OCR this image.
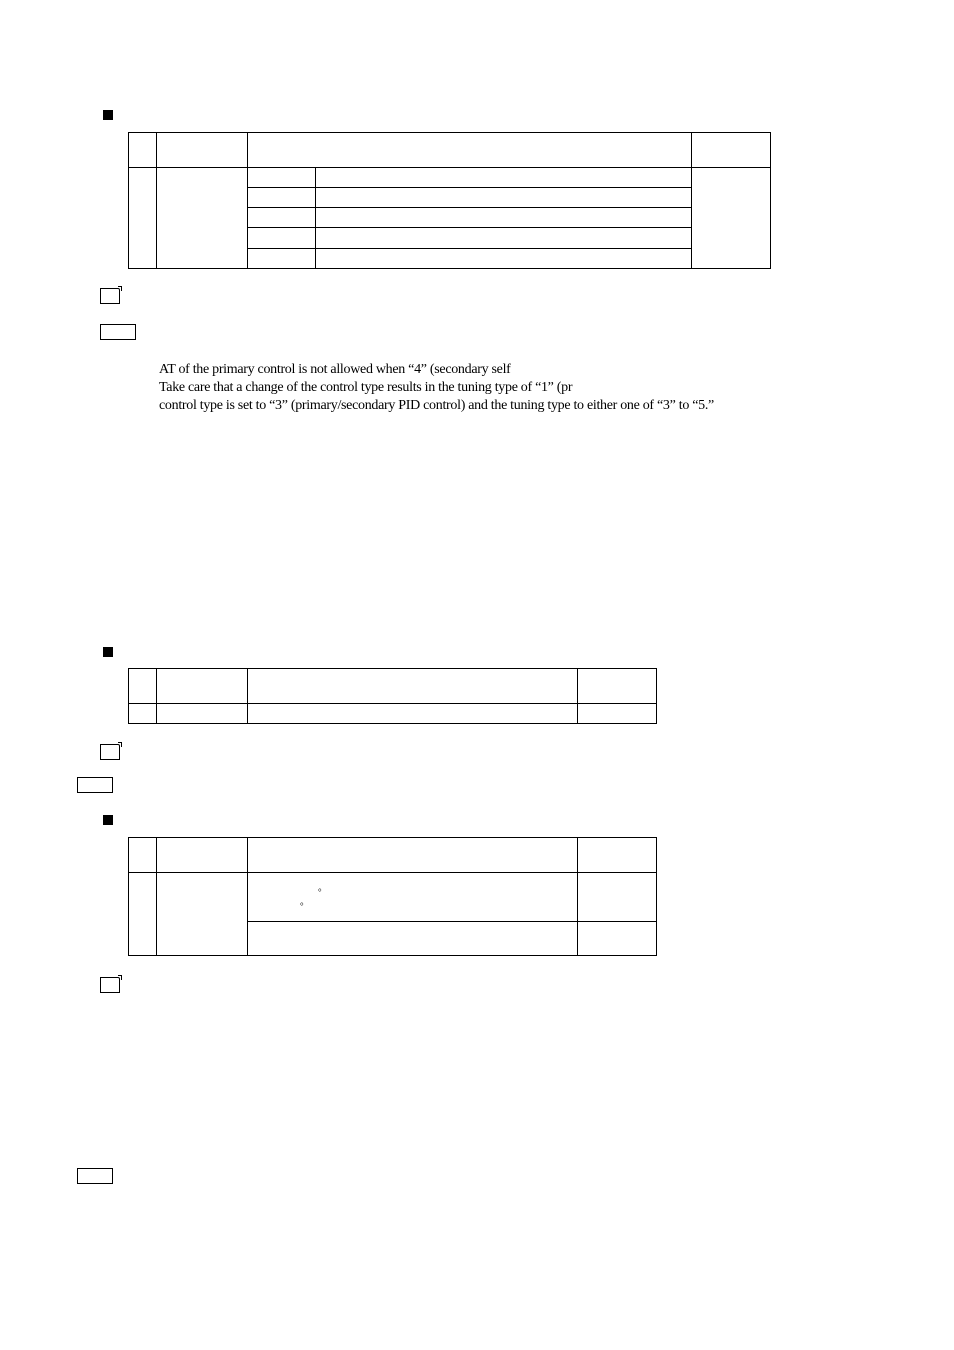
AT of the primary control is not allowed when “4” (secondary self
Take care that a change of the control type results in the tuning type of “1” (pr
control type is set to “3” (primary/secondary PID control) and the tuning type to either one of “3” to “5.”
°
°
